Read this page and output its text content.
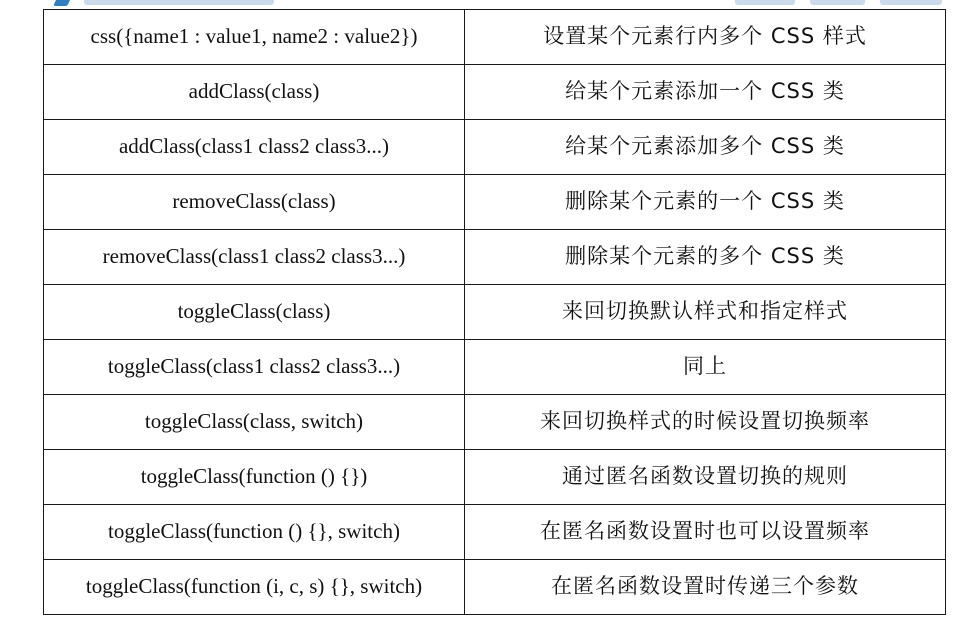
css({name1 : value1, name2 : value2})	设置某个元素行内多个 CSS 样式
addClass(class)	给某个元素添加一个 CSS 类
addClass(class1 class2 class3...)	给某个元素添加多个 CSS 类
removeClass(class)	删除某个元素的一个 CSS 类
removeClass(class1 class2 class3...)	删除某个元素的多个 CSS 类
toggleClass(class)	来回切换默认样式和指定样式
toggleClass(class1 class2 class3...)	同上
toggleClass(class, switch)	来回切换样式的时候设置切换频率
toggleClass(function () {})	通过匿名函数设置切换的规则
toggleClass(function () {}, switch)	在匿名函数设置时也可以设置频率
toggleClass(function (i, c, s) {}, switch)	在匿名函数设置时传递三个参数
